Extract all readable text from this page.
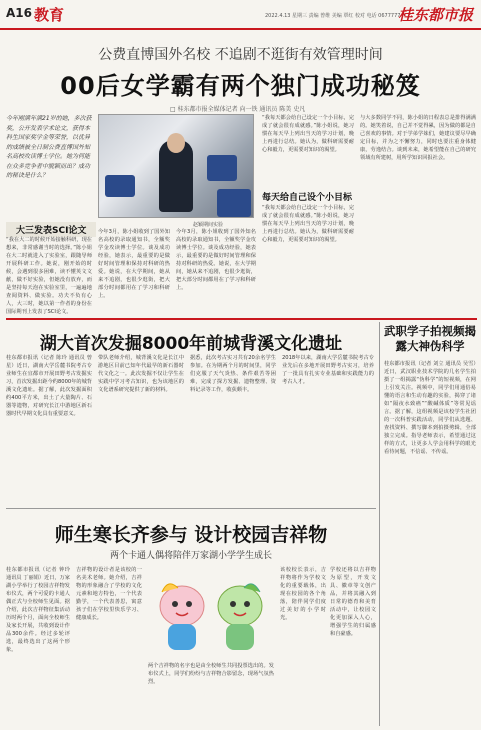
A16 教育	2022.4.13 星期三 责编 曾维 美编 覃红 校对 电话 0677777
桂东都市报
公费直博国外名校 不追剧不逛街有效管理时间
00后女学霸有两个独门成功秘笈
□ 桂东都市报全媒体记者 向一铁 通讯员 陈美 史凡
今年刚满年满21岁的她，多次获奖，公开发表学术论文，获得本科生国家奖学金等荣誉，以优异的成绩被全日制公费直博国外知名高校攻读博士学位。她为何能在众多竞争者中脱颖而出？成功的秘诀是什么？
赵颖期间实验
大三发表SCI论文
“我在大二的时候开始接触科研，现在想来，非常感谢当时的选择。”陈小姐在大二时就进入了实验室，跟随导师开展科研工作。她说，刚开始的时候，会遇到很多困难，读不懂英文文献，做不好实验，但她没有放弃，而是坚持每天泡在实验室里，一遍遍地查阅资料、做实验。功夫不负有心人，大三时，她以第一作者的身份在国际期刊上发表了SCI论文。
今年3月，陈小姐收到了国外知名高校的录取通知书，全额奖学金攻读博士学位。谈及成功经验，她表示，最重要的是做好时间管理和保持对科研的热爱。她说，在大学期间，她从来不追剧，也很少逛街，把大部分时间都用在了学习和科研上。
今年3月，陈小姐收到了国外知名高校的录取通知书，全额奖学金攻读博士学位。谈及成功经验，她表示，最重要的是做好时间管理和保持对科研的热爱。她说，在大学期间，她从来不追剧，也很少逛街，把大部分时间都用在了学习和科研上。
“我每天都会给自己设定一个小目标，完成了就会很有成就感。”陈小姐说，她习惯在每天早上列出当天的学习计划，晚上再进行总结。她认为，做科研需要耐心和毅力，更需要对知识的渴望。
每天给自己设个小目标
“我每天都会给自己设定一个小目标，完成了就会很有成就感。”陈小姐说，她习惯在每天早上列出当天的学习计划，晚上再进行总结。她认为，做科研需要耐心和毅力，更需要对知识的渴望。
与大多数同学不同，陈小姐的日程表总是排得满满的。她笑着说，自己并不觉得累，因为做的都是自己喜欢的事情。对于学弟学妹们，她建议要尽早确定目标，并为之不懈努力，同时也要注重身体健康，劳逸结合。谈到未来，她希望能在自己的研究领域有所建树，用所学知识回报社会。
湖大首次发掘8000年前城背溪文化遗址
桂东都市报讯（记者 陈玲 通讯员 曾星）近日，湖南大学岳麓书院考古专业师生在宜都市开展田野考古发掘实习，首次发掘出距今约8000年的城背溪文化遗址。据了解，此次发掘面积约400平方米，出土了大量陶片、石器等遗物，对研究长江中游地区新石器时代早期文化具有重要意义。
带队老师介绍，城背溪文化是长江中游地区目前已知年代最早的新石器时代文化之一。此次发掘不仅让学生在实践中学习考古知识，也为该地区的文化谱系研究提供了新的材料。
据悉，此次考古实习共有20余名学生参加。在为期两个月的时间里，同学们克服了天气炎热、条件艰苦等困难，完成了探方发掘、遗物整理、资料记录等工作，收获颇丰。
2018年以来，湖南大学岳麓书院考古专业先后在多地开展田野考古实习，培养了一批具有扎实专业基础和实践能力的考古人才。
武职学子拍视频揭露大神伪科学
桂东都市报讯（记者 刘立 通讯员 吴雪）近日，武汉职业技术学院的几名学生拍摄了一组揭露“伪科学”的短视频，在网上引发关注。视频中，同学们用通俗易懂的语言和生动有趣的实验，揭穿了诸如“隔夜水致癌”“酸碱体质”等常见谣言。据了解，这组视频是该校学生社团的一次科普实践活动，同学们从选题、查找资料、撰写脚本到拍摄剪辑，全部独立完成。指导老师表示，希望通过这样的方式，让更多人学会用科学的眼光看待问题，不信谣、不传谣。
师生寒长齐参与 设计校园吉祥物
两个卡通人偶将陪伴万家湖小学学生成长
桂东都市报讯（记者 钟玲 通讯员 丁丽娟）近日，万家湖小学举行了校园吉祥物发布仪式，两个可爱的卡通人偶正式与全校师生见面。据介绍，此次吉祥物征集活动历时两个月，面向全校师生及家长开展，共收到设计作品300余件。经过多轮评选，最终选出了这两个形象。
吉祥物的设计者是该校的一名美术老师。她介绍，吉祥物的形象融合了学校的文化元素和地方特色，一个代表勤学，一个代表善思，寓意孩子们在学校里快乐学习、健康成长。
两个吉祥物的名字也是由全校师生共同投票选出的。发布仪式上，同学们纷纷与吉祥物合影留念，现场气氛热烈。
该校校长表示，吉祥物将作为学校文化的重要载体，出现在校园的各个角落，陪伴同学们度过美好的小学时光。
学校还将以吉祥物为原型，开发文具、徽章等文创产品，并将其融入到日常的德育和美育活动中，让校园文化更加深入人心，增强学生的归属感和自豪感。
